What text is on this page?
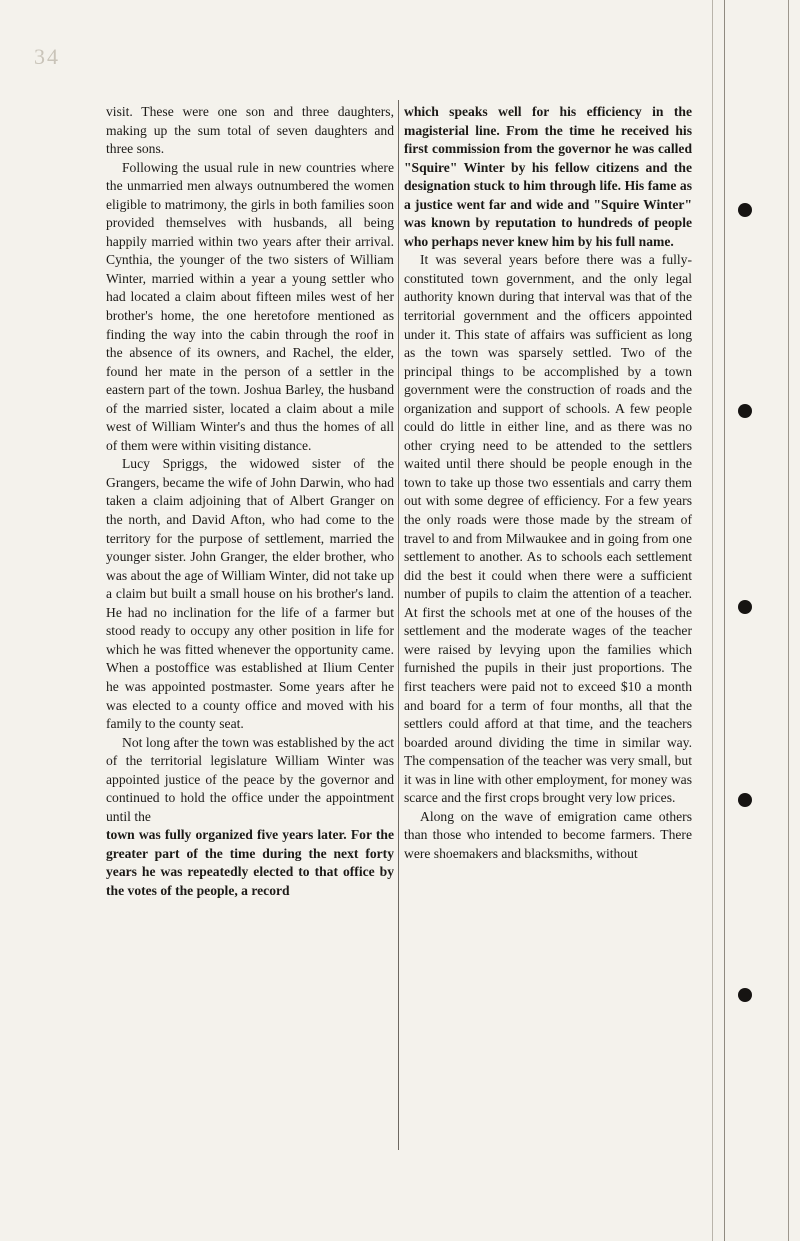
34

visit. These were one son and three daughters, making up the sum total of seven daughters and three sons.

Following the usual rule in new countries where the unmarried men always outnumbered the women eligible to matrimony, the girls in both families soon provided themselves with husbands, all being happily married within two years after their arrival. Cynthia, the younger of the two sisters of William Winter, married within a year a young settler who had located a claim about fifteen miles west of her brother's home, the one heretofore mentioned as finding the way into the cabin through the roof in the absence of its owners, and Rachel, the elder, found her mate in the person of a settler in the eastern part of the town. Joshua Barley, the husband of the married sister, located a claim about a mile west of William Winter's and thus the homes of all of them were within visiting distance.

Lucy Spriggs, the widowed sister of the Grangers, became the wife of John Darwin, who had taken a claim adjoining that of Albert Granger on the north, and David Afton, who had come to the territory for the purpose of settlement, married the younger sister. John Granger, the elder brother, who was about the age of William Winter, did not take up a claim but built a small house on his brother's land. He had no inclination for the life of a farmer but stood ready to occupy any other position in life for which he was fitted whenever the opportunity came. When a postoffice was established at Ilium Center he was appointed postmaster. Some years after he was elected to a county office and moved with his family to the county seat.

Not long after the town was established by the act of the territorial legislature William Winter was appointed justice of the peace by the governor and continued to hold the office under the appointment until the

town was fully organized five years later. For the greater part of the time during the next forty years he was repeatedly elected to that office by the votes of the people, a record

which speaks well for his efficiency in the magisterial line. From the time he received his first commission from the governor he was called "Squire" Winter by his fellow citizens and the designation stuck to him through life. His fame as a justice went far and wide and "Squire Winter" was known by reputation to hundreds of people who perhaps never knew him by his full name.

It was several years before there was a fully-constituted town government, and the only legal authority known during that interval was that of the territorial government and the officers appointed under it. This state of affairs was sufficient as long as the town was sparsely settled. Two of the principal things to be accomplished by a town government were the construction of roads and the organization and support of schools. A few people could do little in either line, and as there was no other crying need to be attended to the settlers waited until there should be people enough in the town to take up those two essentials and carry them out with some degree of efficiency. For a few years the only roads were those made by the stream of travel to and from Milwaukee and in going from one settlement to another. As to schools each settlement did the best it could when there were a sufficient number of pupils to claim the attention of a teacher. At first the schools met at one of the houses of the settlement and the moderate wages of the teacher were raised by levying upon the families which furnished the pupils in their just proportions. The first teachers were paid not to exceed $10 a month and board for a term of four months, all that the settlers could afford at that time, and the teachers boarded around dividing the time in similar way. The compensation of the teacher was very small, but it was in line with other employment, for money was scarce and the first crops brought very low prices.

Along on the wave of emigration came others than those who intended to become farmers. There were shoemakers and blacksmiths, without
